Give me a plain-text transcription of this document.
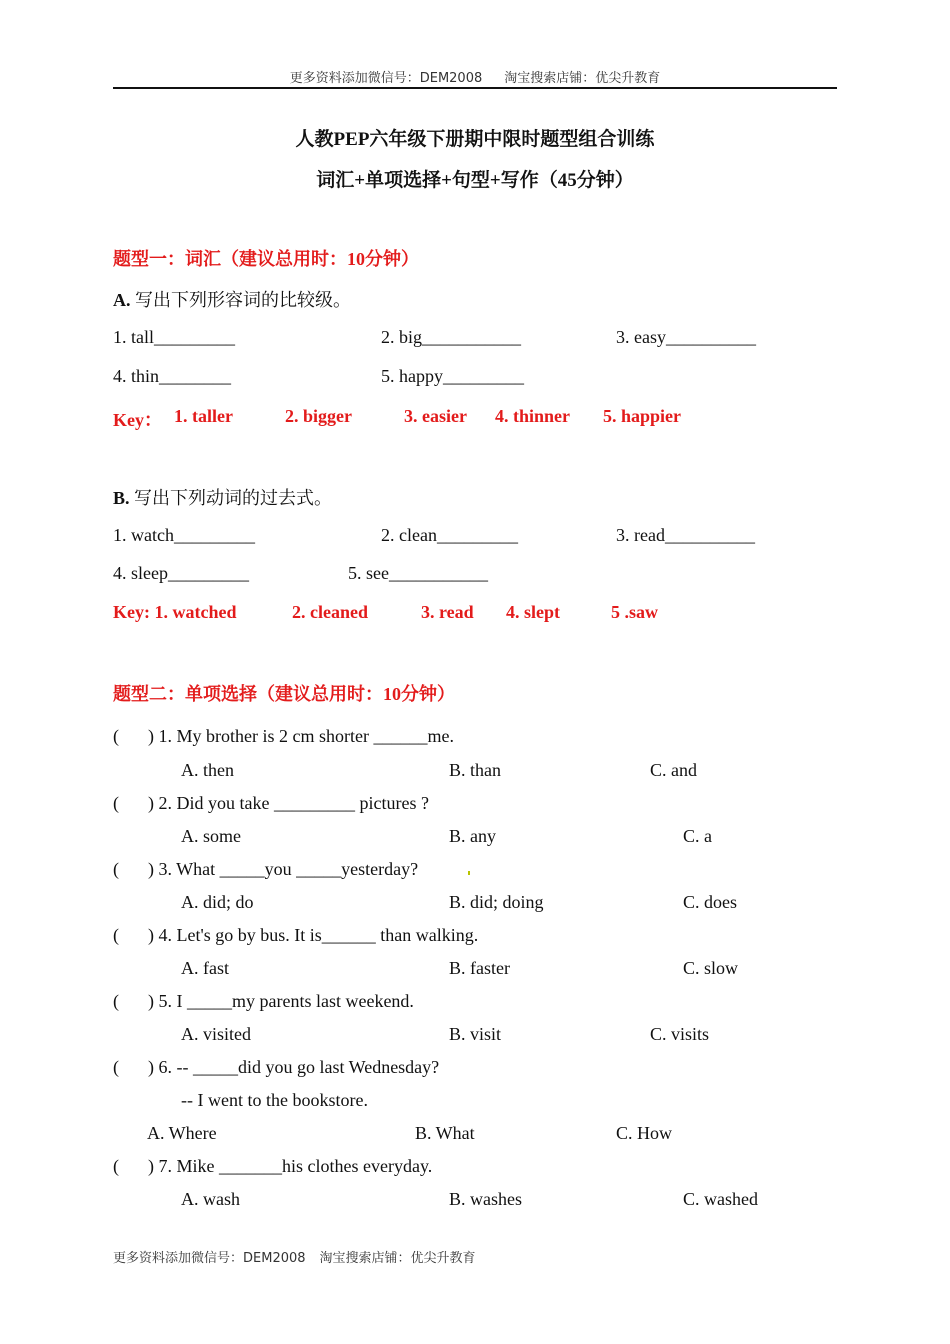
更多资料添加微信号：DEM2008 淘宝搜索店铺：优尖升教育
人教PEP六年级下册期中限时题型组合训练
词汇+单项选择+句型+写作（45分钟）
题型一：词汇（建议总用时：10分钟）
A. 写出下列形容词的比较级。
1. tall_________	2. big___________	3. easy__________
4. thin________	5. happy_________
Key： 1. taller	2. bigger	3. easier 4. thinner 5. happier
B. 写出下列动词的过去式。
1. watch_________	2. clean_________	3. read__________
4. sleep_________	5. see___________
Key: 1. watched	2. cleaned	3. read 4. slept	5 .saw
题型二：单项选择（建议总用时：10分钟）
( ) 1. My brother is 2 cm shorter ______me.
A. then	B. than	C. and
( ) 2. Did you take _________ pictures ?
A. some	B. any	C. a
( ) 3. What _____you _____yesterday?
A. did; do	B. did; doing	C. does
( ) 4. Let's go by bus. It is______ than walking.
A. fast	B. faster	C. slow
( ) 5. I _____my parents last weekend.
A. visited	B. visit	C. visits
( ) 6. -- _____did you go last Wednesday?
-- I went to the bookstore.
A. Where	B. What	C. How
( ) 7. Mike _______his clothes everyday.
A. wash	B. washes	C. washed
更多资料添加微信号：DEM2008 淘宝搜索店铺：优尖升教育
